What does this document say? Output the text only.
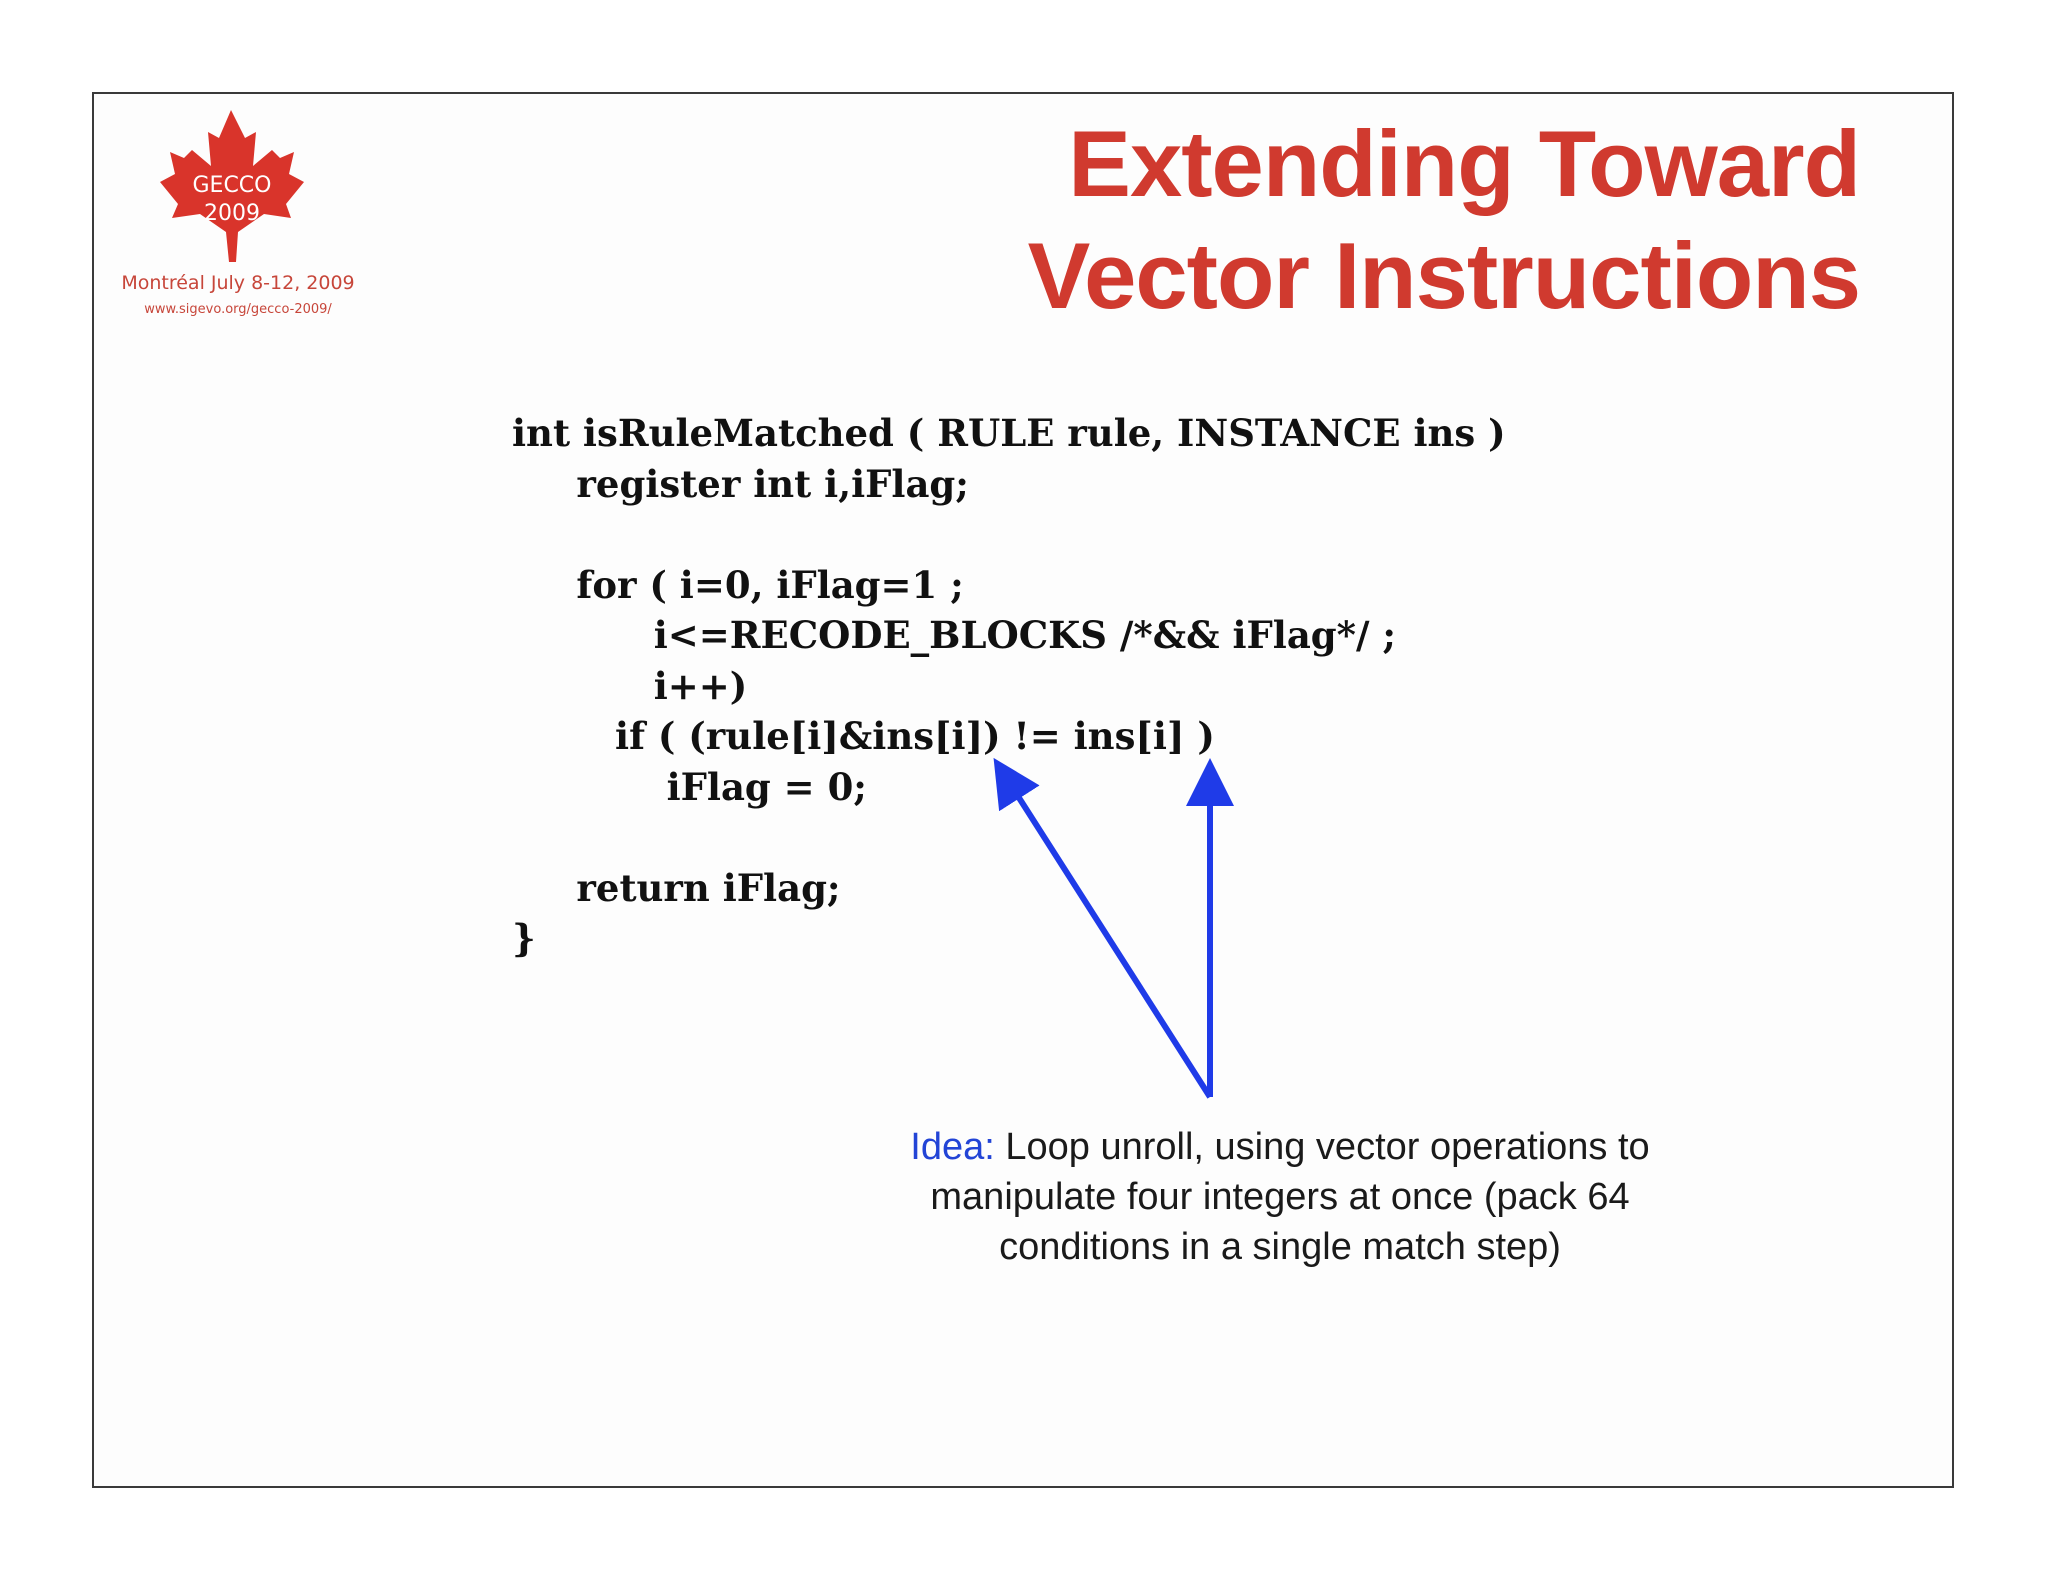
GECCO
2009
Montréal July 8-12, 2009
www.sigevo.org/gecco-2009/
Extending Toward
Vector Instructions
int isRuleMatched ( RULE rule, INSTANCE ins )
register int i,iFlag;
for ( i=0, iFlag=1 ;
i<=RECODE_BLOCKS /*&& iFlag*/ ;
i++)
if ( (rule[i]&ins[i]) != ins[i] )
iFlag = 0;
return iFlag;
}
Idea: Loop unroll, using vector operations to
manipulate four integers at once (pack 64
conditions in a single match step)
